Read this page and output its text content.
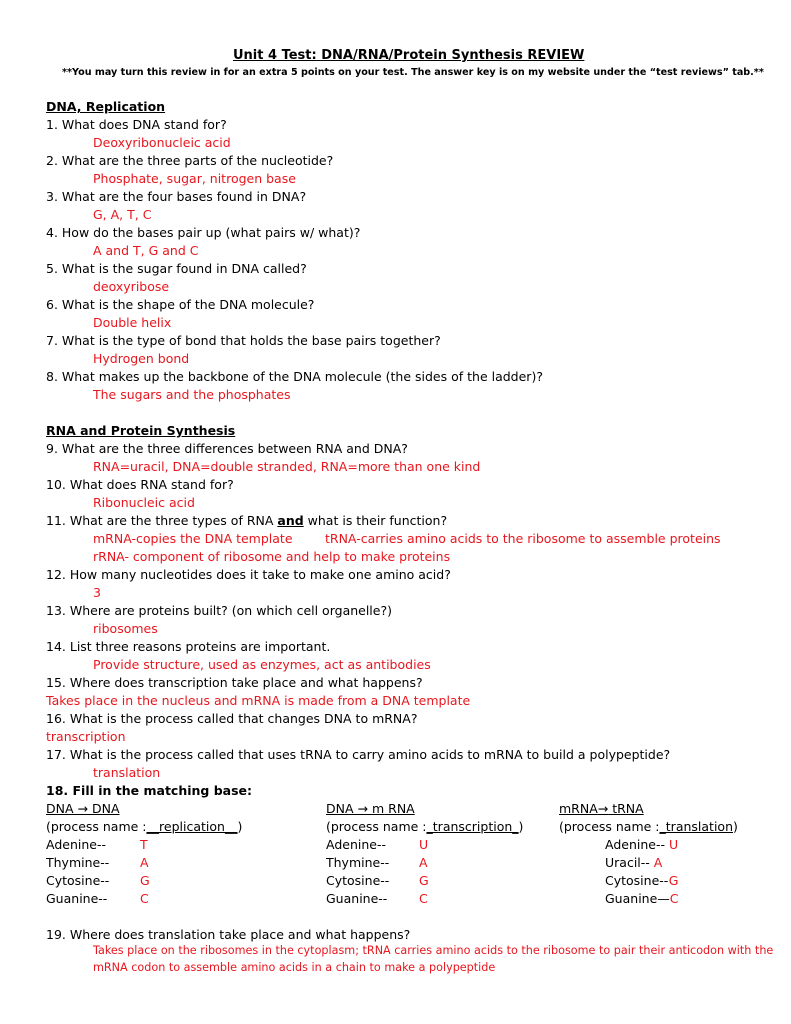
Unit 4 Test: DNA/RNA/Protein Synthesis REVIEW
**You may turn this review in for an extra 5 points on your test. The answer key is on my website under the “test reviews” tab.**
DNA, Replication
1. What does DNA stand for?
Deoxyribonucleic acid
2. What are the three parts of the nucleotide?
Phosphate, sugar, nitrogen base
3. What are the four bases found in DNA?
G, A, T, C
4. How do the bases pair up (what pairs w/ what)?
A and T, G and C
5. What is the sugar found in DNA called?
deoxyribose
6. What is the shape of the DNA molecule?
Double helix
7. What is the type of bond that holds the base pairs together?
Hydrogen bond
8. What makes up the backbone of the DNA molecule (the sides of the ladder)?
The sugars and the phosphates
RNA and Protein Synthesis
9. What are the three differences between RNA and DNA?
RNA=uracil, DNA=double stranded, RNA=more than one kind
10. What does RNA stand for?
Ribonucleic acid
11. What are the three types of RNA and what is their function?
mRNA-copies the DNA template	tRNA-carries amino acids to the ribosome to assemble proteins
rRNA- component of ribosome and help to make proteins
12. How many nucleotides does it take to make one amino acid?
3
13. Where are proteins built? (on which cell organelle?)
ribosomes
14. List three reasons proteins are important.
Provide structure, used as enzymes, act as antibodies
15. Where does transcription take place and what happens?
Takes place in the nucleus and mRNA is made from a DNA template
16. What is the process called that changes DNA to mRNA?
transcription
17. What is the process called that uses tRNA to carry amino acids to mRNA to build a polypeptide?
translation
18. Fill in the matching base:
DNA → DNA
(process name :__replication__)
Adenine--	T
Thymine-- A
Cytosine-- G
Guanine--	C
DNA → m RNA
(process name :_transcription_)
Adenine--	U
Thymine-- A
Cytosine-- G
Guanine--	C
mRNA→ tRNA
(process name :_translation)
Adenine-- U
Uracil-- A
Cytosine--G
Guanine—C
19. Where does translation take place and what happens?
Takes place on the ribosomes in the cytoplasm; tRNA carries amino acids to the ribosome to pair their anticodon with the
mRNA codon to assemble amino acids in a chain to make a polypeptide
